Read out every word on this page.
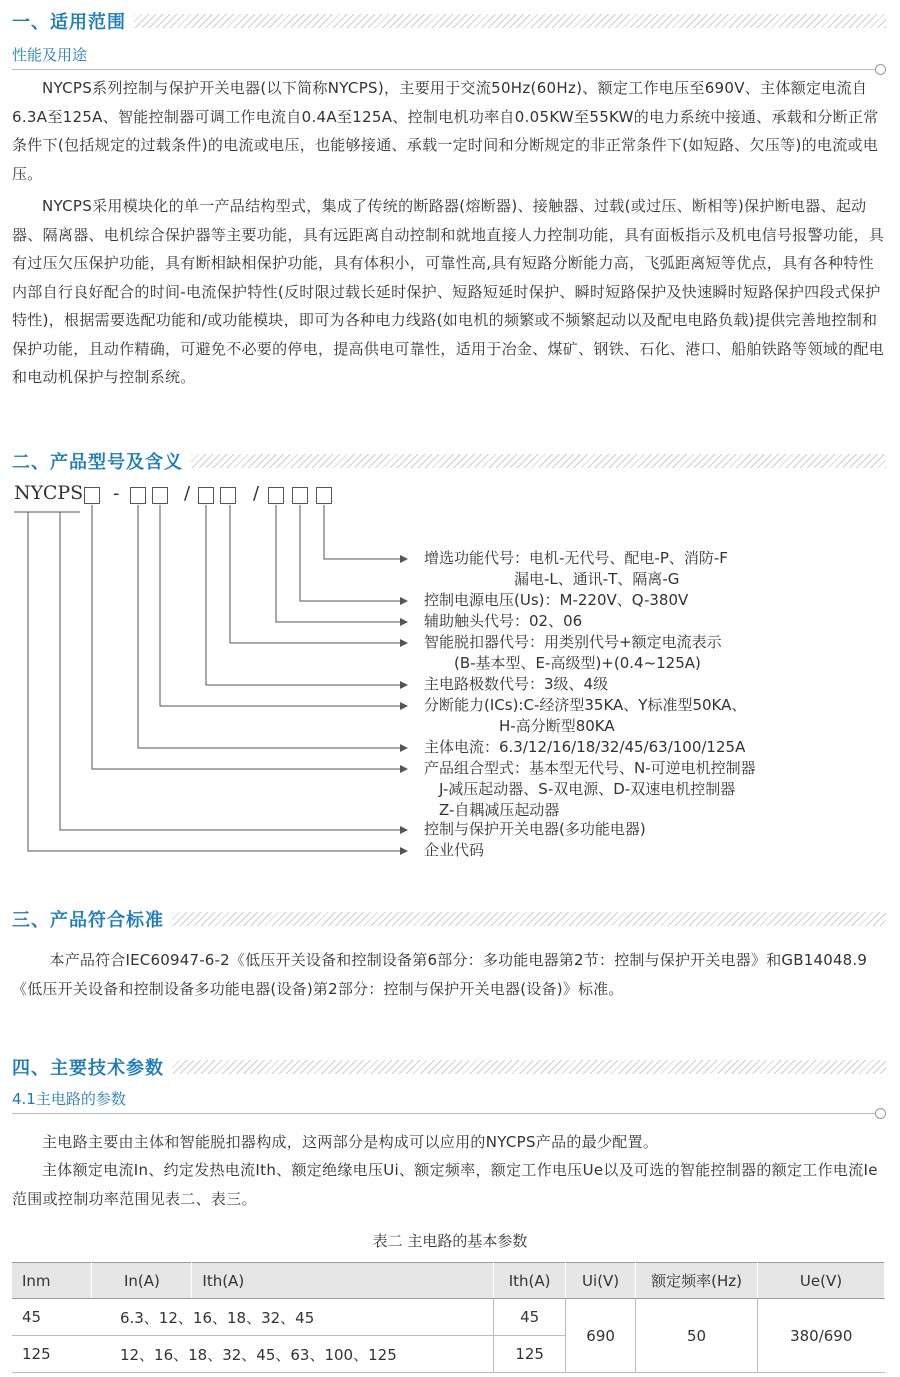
一、适用范围
性能及用途

NYCPS系列控制与保护开关电器(以下简称NYCPS)，主要用于交流50Hz(60Hz)、额定工作电压至690V、主体额定电流自6.3A至125A、智能控制器可调工作电流自0.4A至125A、控制电机功率自0.05KW至55KW的电力系统中接通、承载和分断正常条件下(包括规定的过载条件)的电流或电压，也能够接通、承载一定时间和分断规定的非正常条件下(如短路、欠压等)的电流或电压。

NYCPS采用模块化的单一产品结构型式，集成了传统的断路器(熔断器)、接触器、过载(或过压、断相等)保护断电器、起动器、隔离器、电机综合保护器等主要功能，具有远距离自动控制和就地直接人力控制功能，具有面板指示及机电信号报警功能，具有过压欠压保护功能，具有断相缺相保护功能，具有体积小，可靠性高,具有短路分断能力高，飞弧距离短等优点，具有各种特性内部自行良好配合的时间-电流保护特性(反时限过载长延时保护、短路短延时保护、瞬时短路保护及快速瞬时短路保护四段式保护特性)，根据需要选配功能和/或功能模块，即可为各种电力线路(如电机的频繁或不频繁起动以及配电电路负载)提供完善地控制和保护功能，且动作精确，可避免不必要的停电，提高供电可靠性，适用于冶金、煤矿、钢铁、石化、港口、船舶铁路等领域的配电和电动机保护与控制系统。

二、产品型号及含义
NYCPS -	/	/
增选功能代号：电机-无代号、配电-P、消防-F
　　　　　　漏电-L、通讯-T、隔离-G
控制电源电压(Us)：M-220V、Q-380V
辅助触头代号：02、06
智能脱扣器代号：用类别代号+额定电流表示
　　(B-基本型、E-高级型)+(0.4~125A)
主电路极数代号：3级、4级
分断能力(ICs):C-经济型35KA、Y标准型50KA、
　　　　　H-高分断型80KA
主体电流：6.3/12/16/18/32/45/63/100/125A
产品组合型式：基本型无代号、N-可逆电机控制器
　J-减压起动器、S-双电源、D-双速电机控制器
　Z-自耦减压起动器
控制与保护开关电器(多功能电器)
企业代码
三、产品符合标准

本产品符合IEC60947-6-2《低压开关设备和控制设备第6部分：多功能电器第2节：控制与保护开关电器》和GB14048.9《低压开关设备和控制设备多功能电器(设备)第2部分：控制与保护开关电器(设备)》标准。

四、主要技术参数
4.1主电路的参数

主电路主要由主体和智能脱扣器构成，这两部分是构成可以应用的NYCPS产品的最少配置。

主体额定电流In、约定发热电流Ith、额定绝缘电压Ui、额定频率，额定工作电压Ue以及可选的智能控制器的额定工作电流Ie范围或控制功率范围见表二、表三。

表二 主电路的基本参数
Inm	In(A)	Ith(A)	Ith(A)	Ui(V)	额定频率(Hz)	Ue(V)
45	6.3、12、16、18、32、45		45	690	50	380/690
125	12、16、18、32、45、63、100、125		125			
